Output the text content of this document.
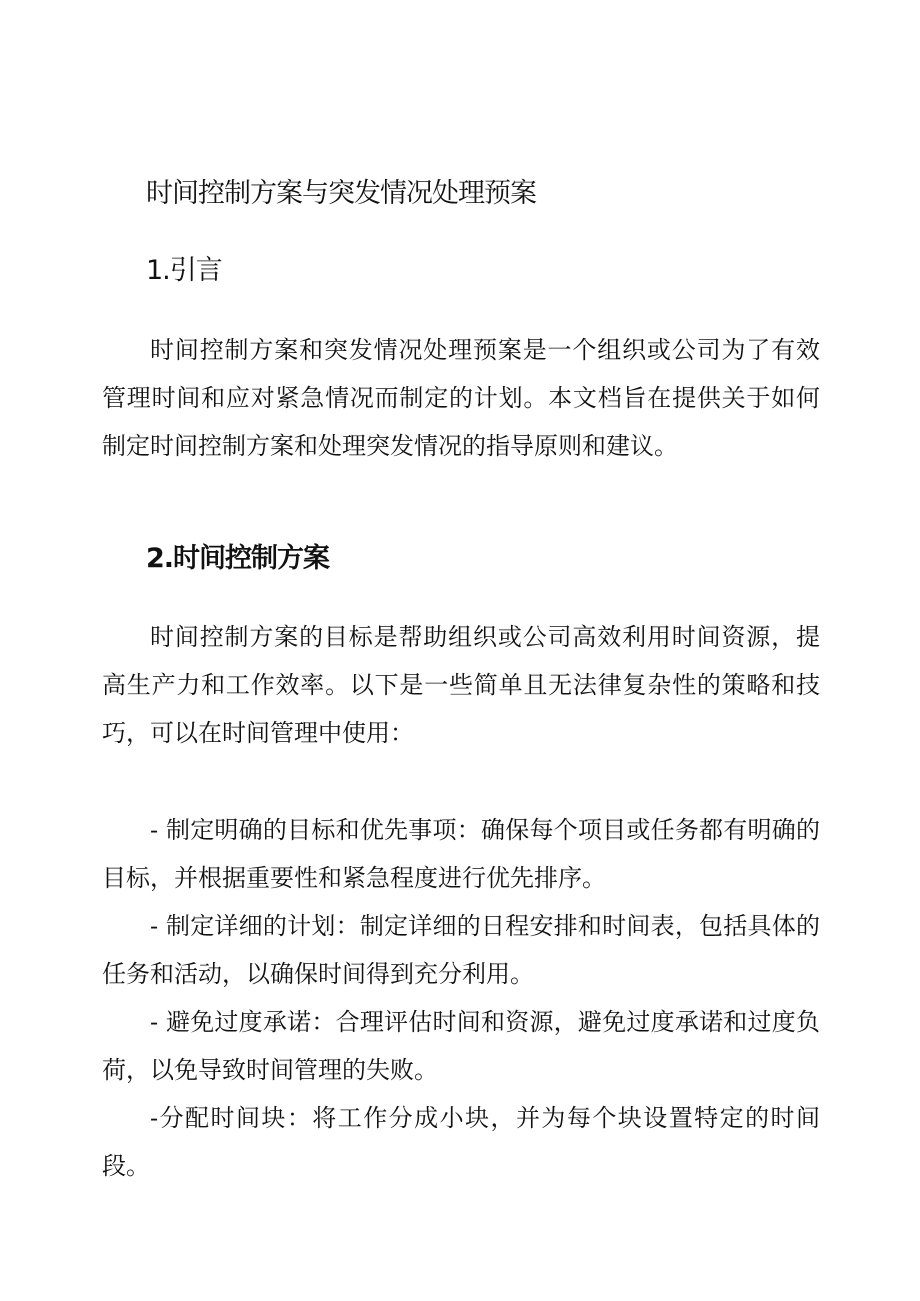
时间控制方案与突发情况处理预案
1.引言

时间控制方案和突发情况处理预案是一个组织或公司为了有效管理时间和应对紧急情况而制定的计划。本文档旨在提供关于如何制定时间控制方案和处理突发情况的指导原则和建议。

2.时间控制方案

时间控制方案的目标是帮助组织或公司高效利用时间资源，提高生产力和工作效率。以下是一些简单且无法律复杂性的策略和技巧，可以在时间管理中使用：

- 制定明确的目标和优先事项：确保每个项目或任务都有明确的目标，并根据重要性和紧急程度进行优先排序。

- 制定详细的计划：制定详细的日程安排和时间表，包括具体的任务和活动，以确保时间得到充分利用。

- 避免过度承诺：合理评估时间和资源，避免过度承诺和过度负荷，以免导致时间管理的失败。

-分配时间块：将工作分成小块，并为每个块设置特定的时间段。
